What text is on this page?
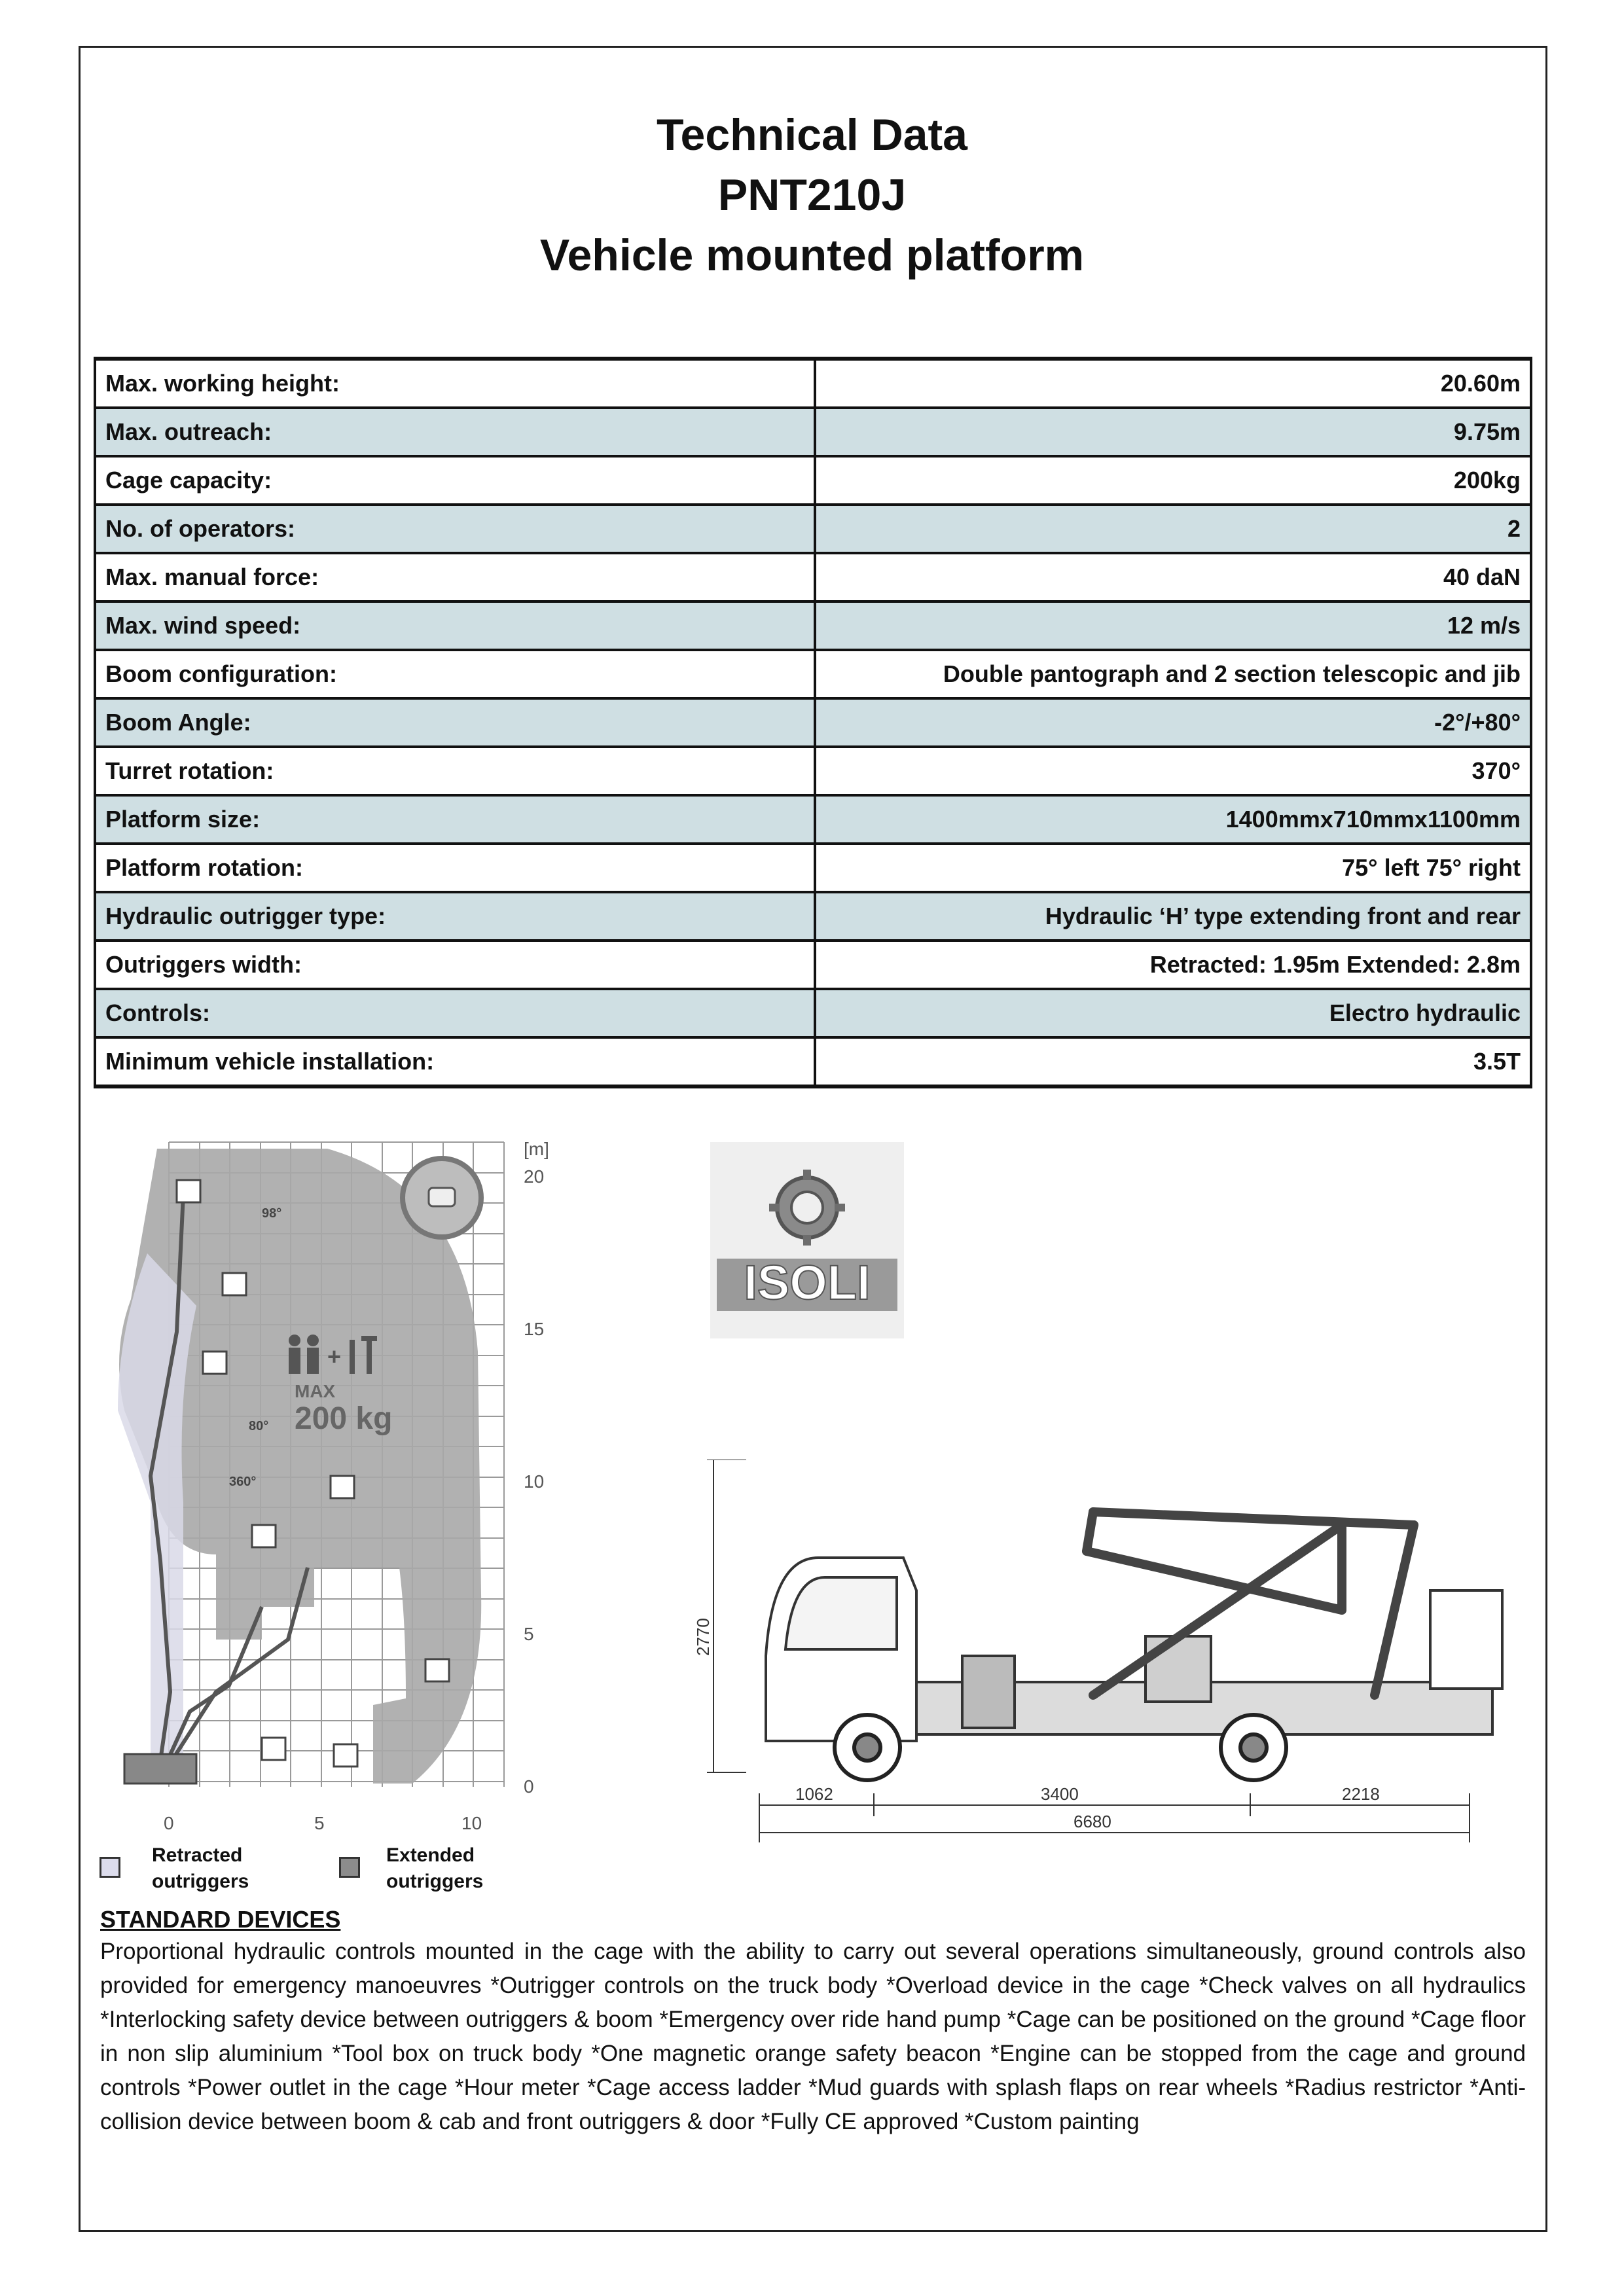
Technical Data
PNT210J
Vehicle mounted platform
Max. working height:	20.60m
Max. outreach:	9.75m
Cage capacity:	200kg
No. of operators:	2
Max. manual force:	40 daN
Max. wind speed:	12 m/s
Boom configuration:	Double pantograph and 2 section telescopic and jib
Boom Angle:	-2°/+80°
Turret rotation:	370°
Platform size:	1400mmx710mmx1100mm
Platform rotation:	75° left 75° right
Hydraulic outrigger type:	Hydraulic ‘H’ type extending front and rear
Outriggers width:	Retracted: 1.95m Extended: 2.8m
Controls:	Electro hydraulic
Minimum vehicle installation:	3.5T
[m]
20
15
10
5
0
0	5	10
98°
80°
360°
+
MAX
200 kg
Retracted
outriggers
Extended
outriggers
ISOLI
2770
1062	3400	2218
6680
STANDARD DEVICES
Proportional hydraulic controls mounted in the cage with the ability to carry out several operations simultaneously, ground controls also provided for emergency manoeuvres *Outrigger controls on the truck body *Overload device in the cage *Check valves on all hydraulics *Interlocking safety device between outriggers & boom *Emergency over ride hand pump *Cage can be positioned on the ground *Cage floor in non slip aluminium *Tool box on truck body *One magnetic orange safety beacon *Engine can be stopped from the cage and ground controls *Power outlet in the cage *Hour meter *Cage access ladder *Mud guards with splash flaps on rear wheels *Radius restrictor *Anti-collision device between boom & cab and front outriggers & door *Fully CE approved *Custom painting
